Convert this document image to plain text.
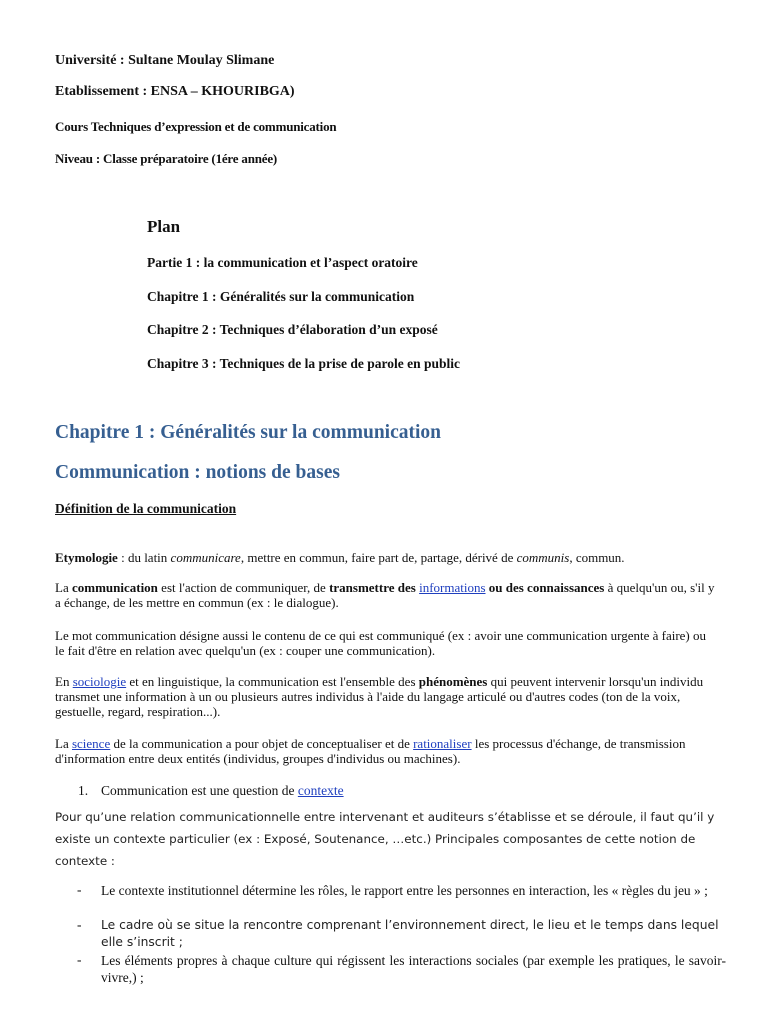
Université : Sultane Moulay Slimane

Etablissement : ENSA – KHOURIBGA)

Cours Techniques d’expression et de communication

Niveau : Classe préparatoire (1ére année)

Plan

Partie 1 : la communication et l’aspect oratoire

Chapitre 1 : Généralités sur la communication

Chapitre 2 : Techniques d’élaboration d’un exposé

Chapitre 3 : Techniques de la prise de parole en public

Chapitre 1 : Généralités sur la communication

Communication : notions de bases

Définition de la communication

Etymologie : du latin communicare, mettre en commun, faire part de, partage, dérivé de communis, commun.

La communication est l'action de communiquer, de transmettre des informations ou des connaissances à quelqu'un ou, s'il y a échange, de les mettre en commun (ex : le dialogue).

Le mot communication désigne aussi le contenu de ce qui est communiqué (ex : avoir une communication urgente à faire) ou le fait d'être en relation avec quelqu'un (ex : couper une communication).

En sociologie et en linguistique, la communication est l'ensemble des phénomènes qui peuvent intervenir lorsqu'un individu transmet une information à un ou plusieurs autres individus à l'aide du langage articulé ou d'autres codes (ton de la voix, gestuelle, regard, respiration...).

La science de la communication a pour objet de conceptualiser et de rationaliser les processus d'échange, de transmission d'information entre deux entités (individus, groupes d'individus ou machines).

1. Communication est une question de contexte

Pour qu’une relation communicationnelle entre intervenant et auditeurs s’établisse et se déroule, il faut qu’il y existe un contexte particulier (ex : Exposé, Soutenance, …etc.) Principales composantes de cette notion de contexte :

- Le contexte institutionnel détermine les rôles, le rapport entre les personnes en interaction, les « règles du jeu » ;

- Le cadre où se situe la rencontre comprenant l’environnement direct, le lieu et le temps dans lequel elle s’inscrit ;

- Les éléments propres à chaque culture qui régissent les interactions sociales (par exemple les pratiques, le savoir-vivre,) ;
